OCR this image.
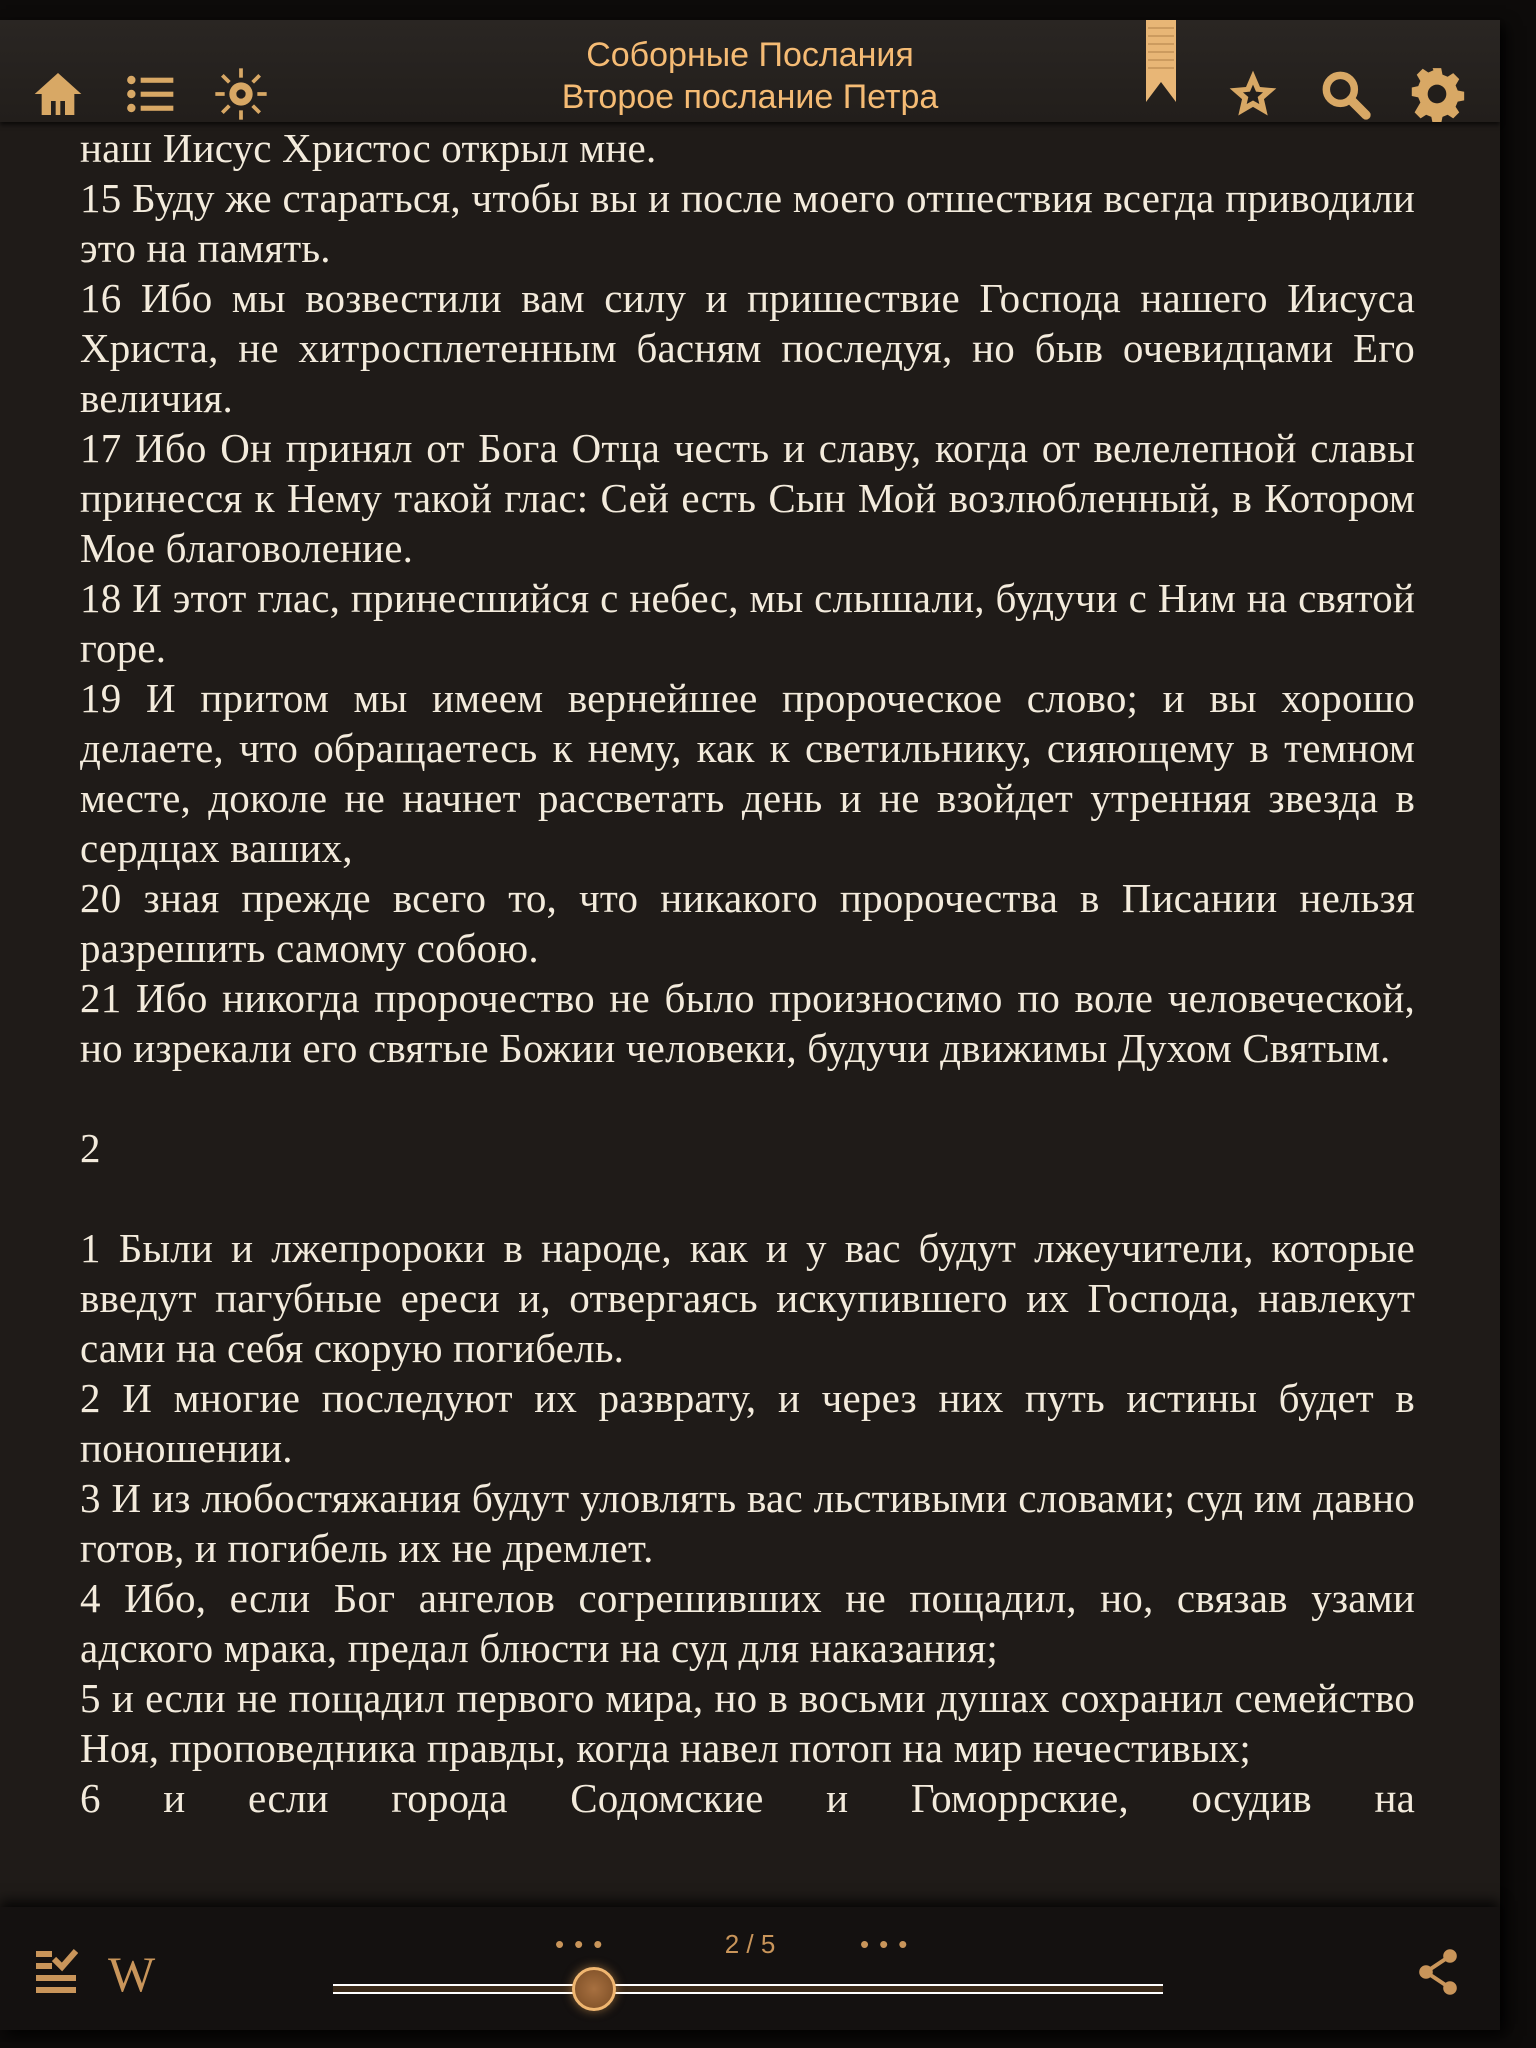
наш Иисус Христос открыл мне.

15 Буду же стараться, чтобы вы и после моего отшествия всегда приводили это на память.

16 Ибо мы возвестили вам силу и пришествие Господа нашего Иисуса Христа, не хитросплетенным басням последуя, но быв очевидцами Его величия.

17 Ибо Он принял от Бога Отца честь и славу, когда от велелепной славы принесся к Нему такой глас: Сей есть Сын Мой возлюбленный, в Котором Мое благоволение.

18 И этот глас, принесшийся с небес, мы слышали, будучи с Ним на святой горе.

19 И притом мы имеем вернейшее пророческое слово; и вы хорошо делаете, что обращаетесь к нему, как к светильнику, сияющему в темном месте, доколе не начнет рассветать день и не взойдет утренняя звезда в сердцах ваших,

20 зная прежде всего то, что никакого пророчества в Писании нельзя разрешить самому собою.

21 Ибо никогда пророчество не было произносимо по воле человеческой, но изрекали его святые Божии человеки, будучи движимы Духом Святым.

2

1 Были и лжепророки в народе, как и у вас будут лжеучители, которые введут пагубные ереси и, отвергаясь искупившего их Господа, навлекут сами на себя скорую погибель.

2 И многие последуют их разврату, и через них путь истины будет в поношении.

3 И из любостяжания будут уловлять вас льстивыми словами; суд им давно готов, и погибель их не дремлет.

4 Ибо, если Бог ангелов согрешивших не пощадил, но, связав узами адского мрака, предал блюсти на суд для наказания;

5 и если не пощадил первого мира, но в восьми душах сохранил семейство Ноя, проповедника правды, когда навел потоп на мир нечестивых;

6 и если города Содомские и Гоморрские, осудив на

Соборные Послания
Второе послание Петра
W
•••	2 / 5	•••
